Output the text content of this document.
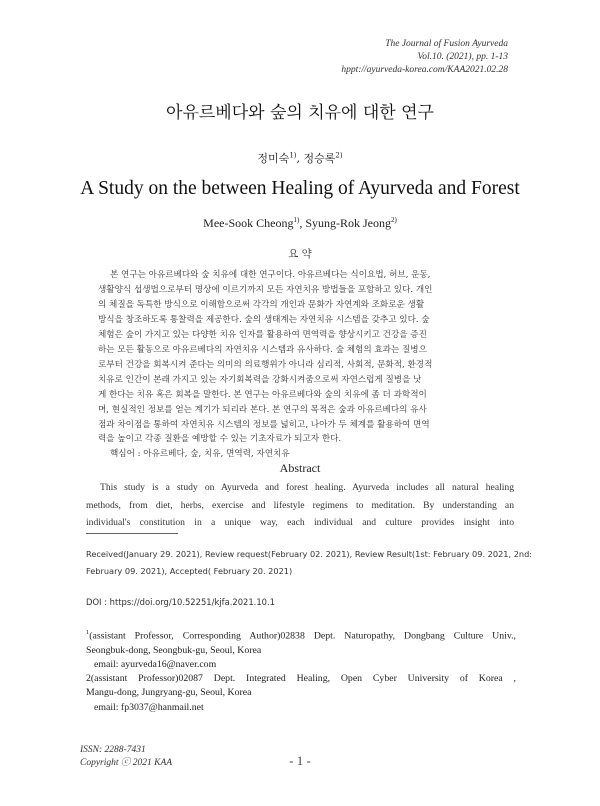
The Journal of Fusion Ayurveda
Vol.10. (2021), pp. 1-13
hppt://ayurveda-korea.com/KAA2021.02.28
아유르베다와 숲의 치유에 대한 연구
정미숙$^{1)}$, 정승록$^{2)}$
A Study on the between Healing of Ayurveda and Forest
Mee-Sook Cheong$^{1)}$, Syung-Rok Jeong$^{2)}$
요 약
본 연구는 아유르베다와 숲 치유에 대한 연구이다. 아유르베다는 식이요법, 허브, 운동,
생활양식 섭생법으로부터 명상에 이르기까지 모든 자연치유 방법들을 포함하고 있다. 개인
의 체질을 독특한 방식으로 이해함으로써 각각의 개인과 문화가 자연계와 조화로운 생활
방식을 창조하도록 통찰력을 제공한다. 숲의 생태계는 자연치유 시스템을 갖추고 있다. 숲
체험은 숲이 가지고 있는 다양한 치유 인자를 활용하여 면역력을 향상시키고 건강을 증진
하는 모든 활동으로 아유르베다의 자연치유 시스템과 유사하다. 숲 체험의 효과는 질병으
로부터 건강을 회복시켜 준다는 의미의 의료행위가 아니라 심리적, 사회적, 문화적, 환경적
치유로 인간이 본래 가지고 있는 자기회복력을 강화시켜줌으로써 자연스럽게 질병을 낫
게 한다는 치유 혹은 회복을 말한다. 본 연구는 아유르베다와 숲의 치유에 좀 더 과학적이
며, 현실적인 정보를 얻는 계기가 되리라 본다. 본 연구의 목적은 숲과 아유르베다의 유사
점과 차이점을 통하여 자연치유 시스템의 정보를 넓히고, 나아가 두 체계를 활용하여 면역
력을 높이고 각종 질환을 예방할 수 있는 기초자료가 되고자 한다.
핵심어 : 아유르베다, 숲, 치유, 면역력, 자연치유
Abstract
This study is a study on Ayurveda and forest healing. Ayurveda includes all natural healing
methods, from diet, herbs, exercise and lifestyle regimens to meditation. By understanding an
individual's constitution in a unique way, each individual and culture provides insight into
Received(January 29. 2021), Review request(February 02. 2021), Review Result(1st: February 09. 2021, 2nd:
February 09. 2021), Accepted( February 20. 2021)
DOI : https://doi.org/10.52251/kjfa.2021.10.1
$^1$(assistant Professor, Corresponding Author)02838 Dept. Naturopathy, Dongbang Culture Univ.,
Seongbuk-dong, Seongbuk-gu, Seoul, Korea
email: ayurveda16@naver.com
2(assistant Professor)02087 Dept. Integrated Healing, Open Cyber University of Korea ,
Mangu-dong, Jungryang-gu, Seoul, Korea
email: fp3037@hanmail.net
ISSN: 2288-7431
Copyright ⓒ 2021 KAA	- 1 -
